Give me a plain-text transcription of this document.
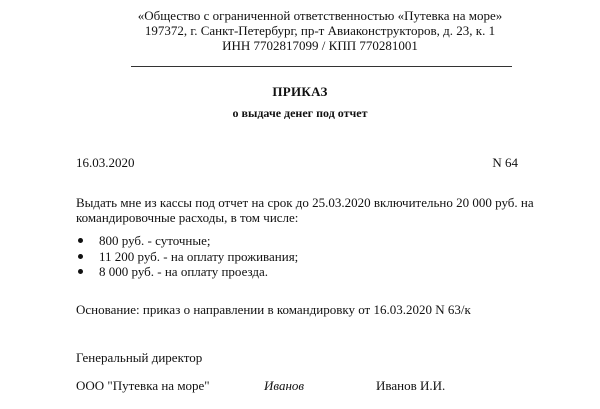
«Общество с ограниченной ответственностью «Путевка на море»
197372, г. Санкт-Петербург, пр-т Авиаконструкторов, д. 23, к. 1
ИНН 7702817099 / КПП 770281001
ПРИКАЗ
о выдаче денег под отчет
16.03.2020	N 64
Выдать мне из кассы под отчет на срок до 25.03.2020 включительно 20 000 руб. на командировочные расходы, в том числе:
800 руб. - суточные;
11 200 руб. - на оплату проживания;
8 000 руб. - на оплату проезда.
Основание: приказ о направлении в командировку от 16.03.2020 N 63/к
Генеральный директор
ООО "Путевка на море"	Иванов	Иванов И.И.
